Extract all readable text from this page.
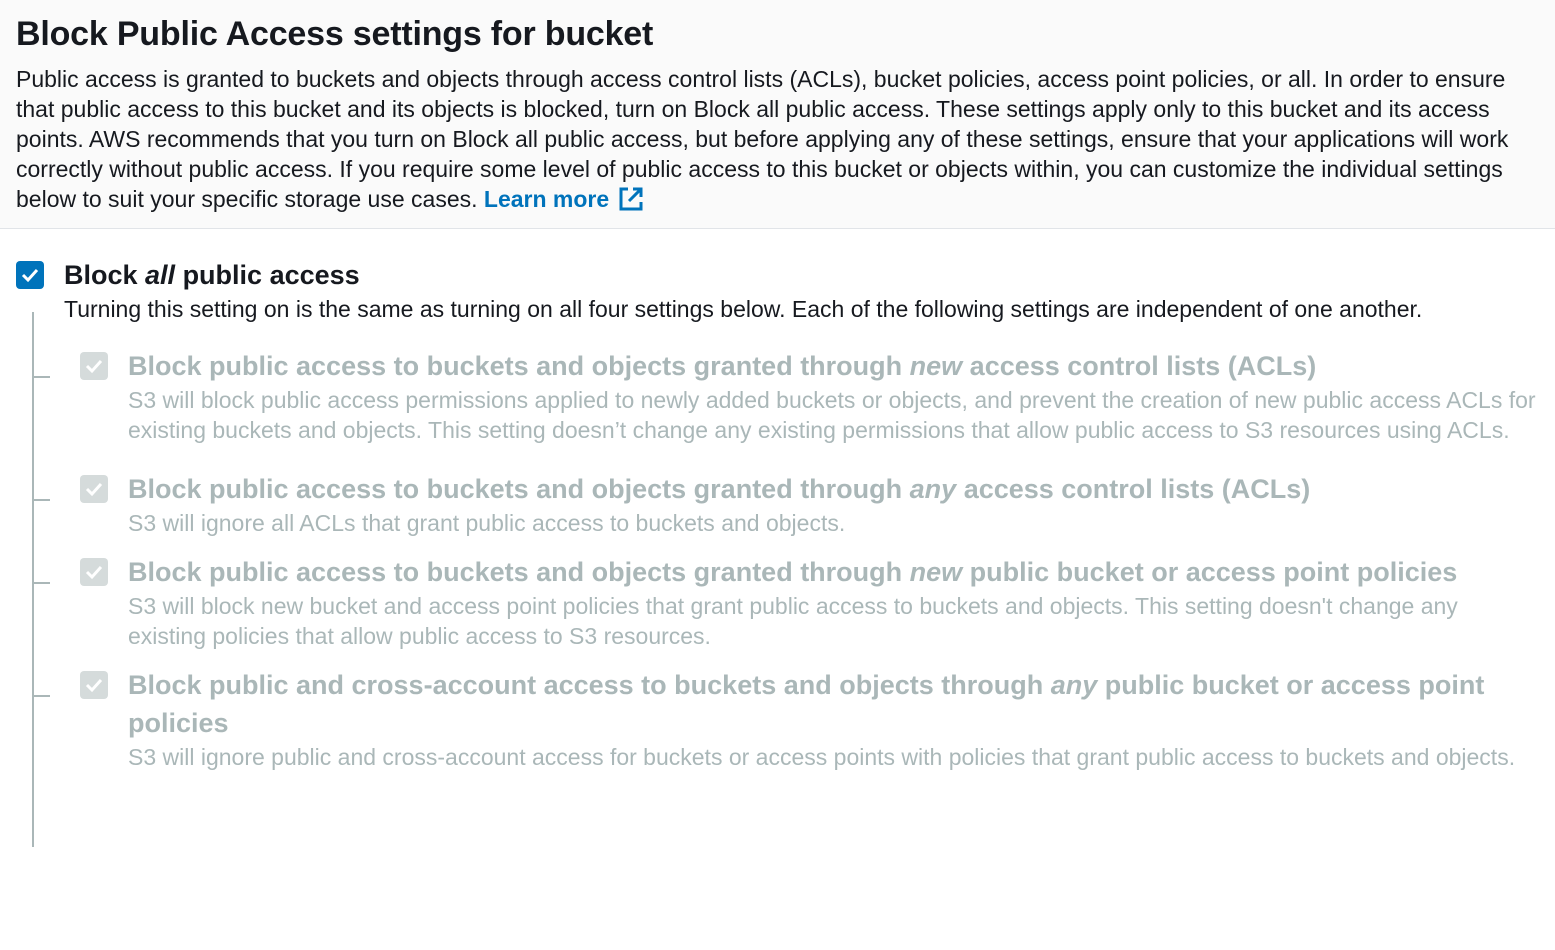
Block Public Access settings for bucket

Public access is granted to buckets and objects through access control lists (ACLs), bucket policies, access point policies, or all. In order to ensure that public access to this bucket and its objects is blocked, turn on Block all public access. These settings apply only to this bucket and its access points. AWS recommends that you turn on Block all public access, but before applying any of these settings, ensure that your applications will work correctly without public access. If you require some level of public access to this bucket or objects within, you can customize the individual settings below to suit your specific storage use cases. Learn more

Block all public access
Turning this setting on is the same as turning on all four settings below. Each of the following settings are independent of one another.
Block public access to buckets and objects granted through new access control lists (ACLs)
S3 will block public access permissions applied to newly added buckets or objects, and prevent the creation of new public access ACLs for existing buckets and objects. This setting doesn’t change any existing permissions that allow public access to S3 resources using ACLs.
Block public access to buckets and objects granted through any access control lists (ACLs)
S3 will ignore all ACLs that grant public access to buckets and objects.
Block public access to buckets and objects granted through new public bucket or access point policies
S3 will block new bucket and access point policies that grant public access to buckets and objects. This setting doesn't change any existing policies that allow public access to S3 resources.
Block public and cross-account access to buckets and objects through any public bucket or access point policies
S3 will ignore public and cross-account access for buckets or access points with policies that grant public access to buckets and objects.
